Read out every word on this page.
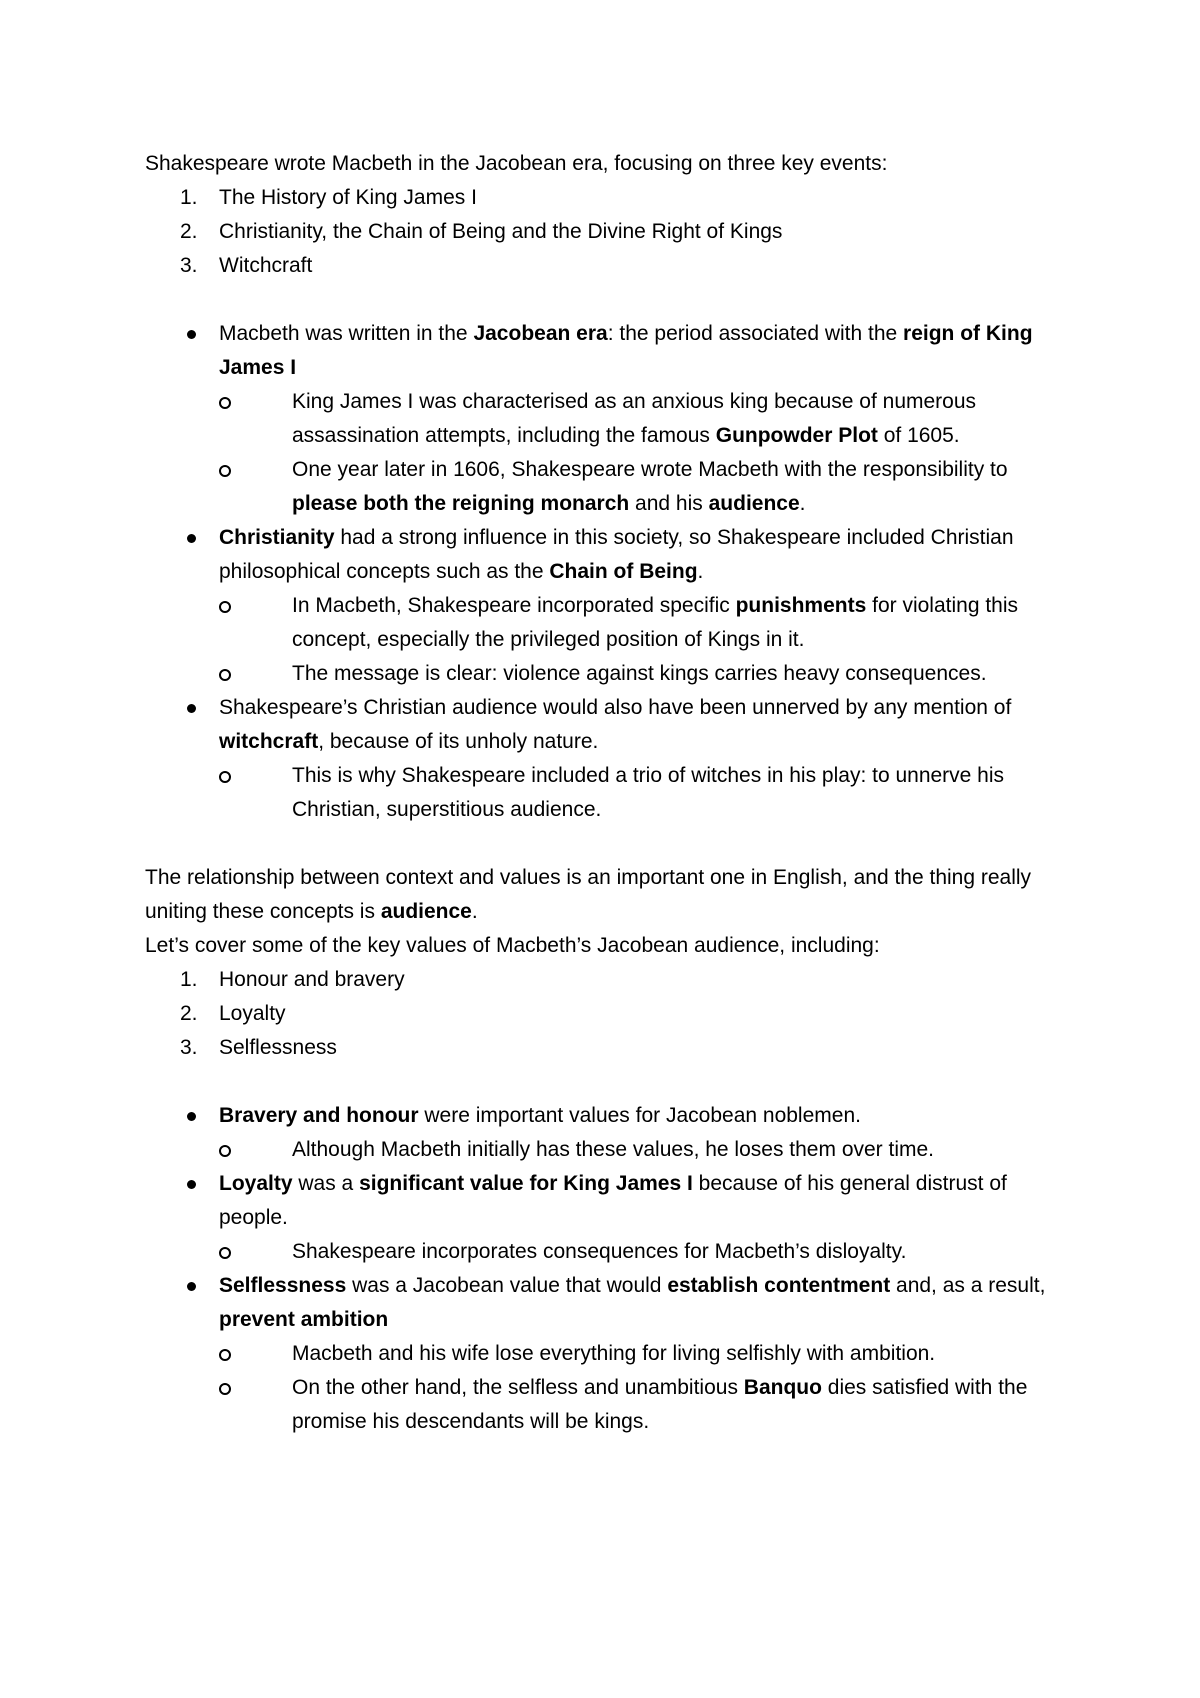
Shakespeare wrote Macbeth in the Jacobean era, focusing on three key events:

1.	The History of King James I
2.	Christianity, the Chain of Being and the Divine Right of Kings
3.	Witchcraft
Macbeth was written in the Jacobean era: the period associated with the reign of King James I
King James I was characterised as an anxious king because of numerous assassination attempts, including the famous Gunpowder Plot of 1605.
One year later in 1606, Shakespeare wrote Macbeth with the responsibility to please both the reigning monarch and his audience.
Christianity had a strong influence in this society, so Shakespeare included Christian philosophical concepts such as the Chain of Being.
In Macbeth, Shakespeare incorporated specific punishments for violating this concept, especially the privileged position of Kings in it.
The message is clear: violence against kings carries heavy consequences.
Shakespeare’s Christian audience would also have been unnerved by any mention of witchcraft, because of its unholy nature.
This is why Shakespeare included a trio of witches in his play: to unnerve his Christian, superstitious audience.

The relationship between context and values is an important one in English, and the thing really uniting these concepts is audience.

Let’s cover some of the key values of Macbeth’s Jacobean audience, including:

1.	Honour and bravery
2.	Loyalty
3.	Selflessness
Bravery and honour were important values for Jacobean noblemen.
Although Macbeth initially has these values, he loses them over time.
Loyalty was a significant value for King James I because of his general distrust of people.
Shakespeare incorporates consequences for Macbeth’s disloyalty.
Selflessness was a Jacobean value that would establish contentment and, as a result, prevent ambition
Macbeth and his wife lose everything for living selfishly with ambition.
On the other hand, the selfless and unambitious Banquo dies satisfied with the promise his descendants will be kings.
